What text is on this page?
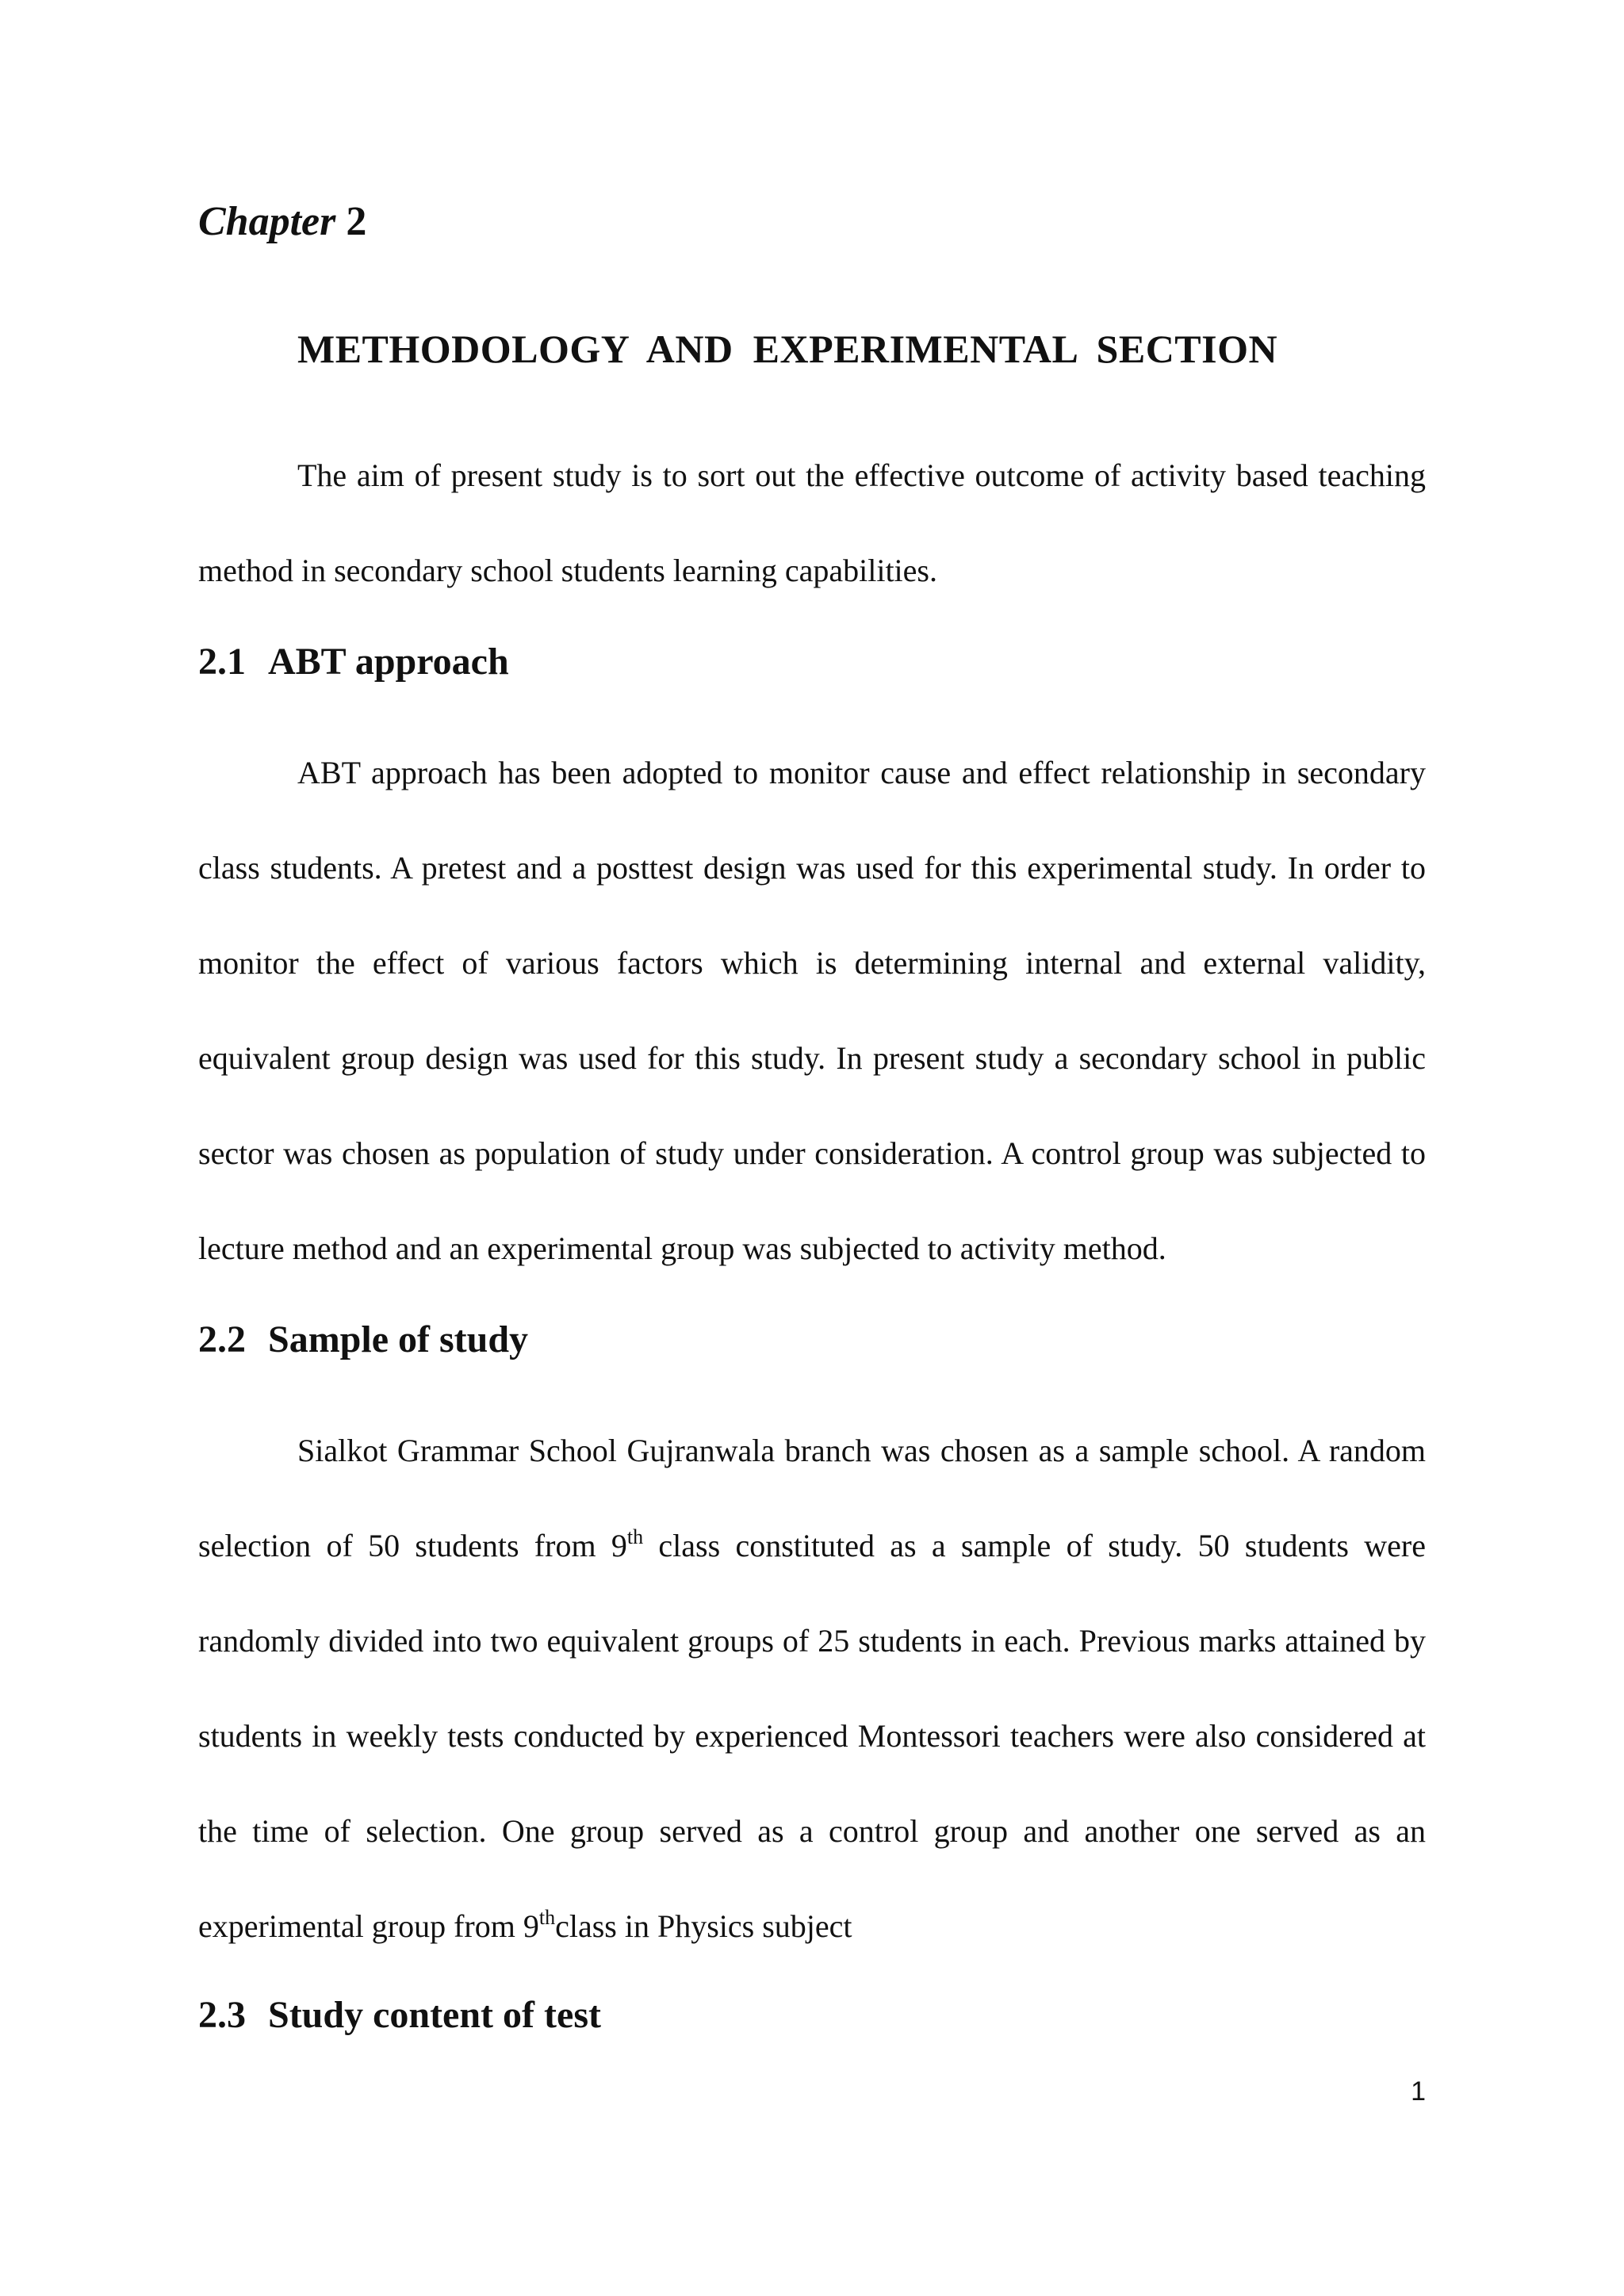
Chapter 2
METHODOLOGY AND EXPERIMENTAL SECTION

The aim of present study is to sort out the effective outcome of activity based teaching method in secondary school students learning capabilities.

2.1 ABT approach

ABT approach has been adopted to monitor cause and effect relationship in secondary class students. A pretest and a posttest design was used for this experimental study. In order to monitor the effect of various factors which is determining internal and external validity, equivalent group design was used for this study. In present study a secondary school in public sector was chosen as population of study under consideration. A control group was subjected to lecture method and an experimental group was subjected to activity method.

2.2 Sample of study

Sialkot Grammar School Gujranwala branch was chosen as a sample school. A random selection of 50 students from 9th class constituted as a sample of study. 50 students were randomly divided into two equivalent groups of 25 students in each. Previous marks attained by students in weekly tests conducted by experienced Montessori teachers were also considered at the time of selection. One group served as a control group and another one served as an experimental group from 9thclass in Physics subject

2.3 Study content of test
1
